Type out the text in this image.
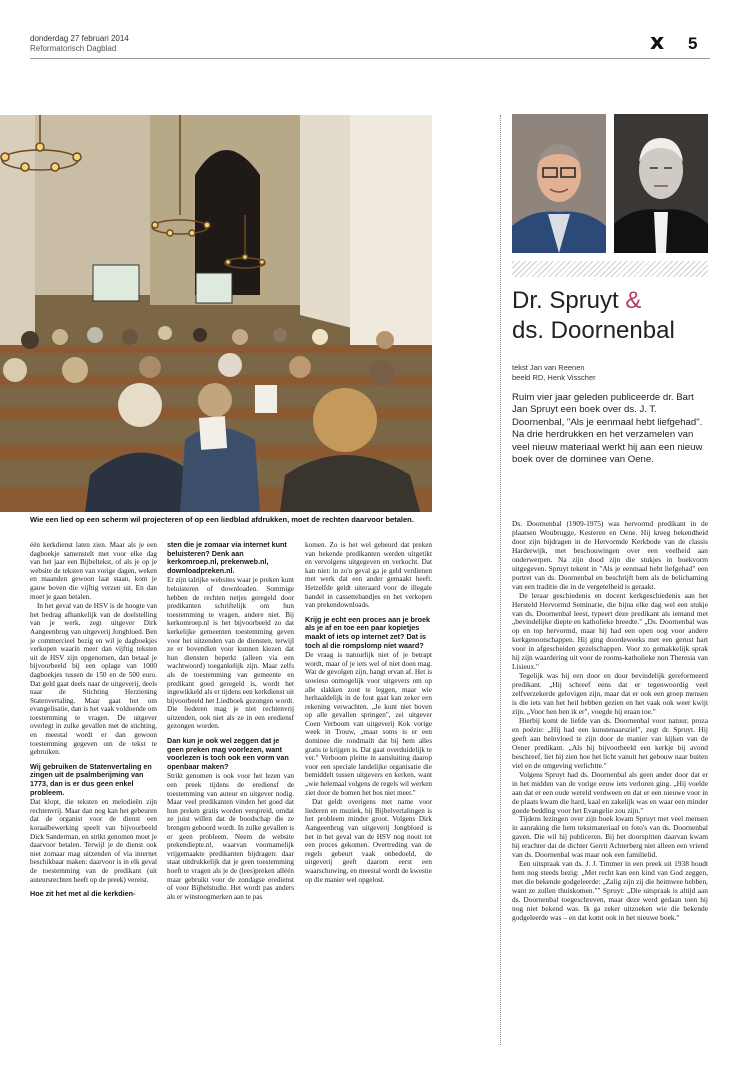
donderdag 27 februari 2014
Reformatorisch Dagblad	x 5
Wie een lied op een scherm wil projecteren of op een liedblad afdrukken, moet de rechten daarvoor betalen.

één kerkdienst laten zien. Maar als je een dagboekje samenstelt met voor elke dag van het jaar een Bijbeltekst, of als je op je website de teksten van vorige dagen, weken en maanden gewoon laat staan, kom je gauw boven die vijftig verzen uit. En dan moet je gaan betalen.

In het geval van de HSV is de hoogte van het bedrag afhankelijk van de doelstelling van je werk, zegt uitgever Dirk Aangeenbrug van uitgeverij Jongbloed. Ben je commercieel bezig en wil je dagboekjes verkopen waarin meer dan vijftig teksten uit de HSV zijn opgenomen, dan betaal je bijvoorbeeld bij een oplage van 1000 dagboekjes tussen de 150 en de 500 euro. Dat geld gaat deels naar de uitgeverij, deels naar de Stichting Herziening Statenvertaling. Maar gaat het om evangelisatie, dan is het vaak voldoende om toestemming te vragen. De uitgever overlegt in zulke gevallen met de stichting, en meestal wordt er dan gewoon toestemming gegeven om de tekst te gebruiken.

Wij gebruiken de Statenvertaling en zingen uit de psalmberijming van 1773, dan is er dus geen enkel probleem.

Dat klopt, die teksten en melodieën zijn rechtenvrij. Maar dan nog kan het gebeuren dat de organist voor de dienst een koraalbewerking speelt van bijvoorbeeld Dick Sanderman, en strikt genomen moet je daarvoor betalen. Terwijl je de dienst ook niet zomaar mag uitzenden of via internet beschikbaar maken: daarvoor is in elk geval de toestemming van de predikant (uit auteursrechten heeft op de preek) vereist.

Hoe zit het met al die kerkdien-

sten die je zomaar via internet kunt beluisteren? Denk aan kerkomroep.nl, prekenweb.nl, downloadpreken.nl.

Er zijn talrijke websites waar je preken kunt beluisteren of downloaden. Sommige hebben de rechten netjes geregeld door predikanten schriftelijk om hun toestemming te vragen, andere niet. Bij kerkomroep.nl is het bijvoorbeeld zo dat kerkelijke gemeenten toestemming geven voor het uitzenden van de diensten, terwijl ze er bovendien voor kunnen kiezen dat hun diensten beperkt (alleen via een wachtwoord) toegankelijk zijn. Maar zelfs als de toestemming van gemeente en predikant goed geregeld is, wordt het ingewikkeld als er tijdens een kerkdienst uit bijvoorbeeld het Liedboek gezongen wordt. Die liederen mag je niet rechtenvrij uitzenden, ook niet als ze in een erediensf gezongen worden.

Dan kun je ook wel zeggen dat je geen preken mag voorlezen, want voorlezen is toch ook een vorm van openbaar maken?

Strikt genomen is ook voor het lezen van een preek tijdens de erediensf de toestemming van auteur en uitgever nodig. Maar veel predikanten vinden het goed dat hun preken gratis worden verspreid, omdat ze juist willen dat de boodschap die ze brengen gehoord wordt. In zulke gevallen is er geen probleem. Neem de website prekendiepte.nl, waarvan voornamelijk vrijgemaakte predikanten bijdragen: daar staat uitdrukkelijk dat je geen toestemming hoeft te vragen als je de (lees)preken alléén maar gebruikt voor de zondagse eredienst of voor Bijbelstudie. Het wordt pas anders als er winstoogmerken aan te pas

komen. Zo is het wel gebeurd dat preken van bekende predikanten werden uitgetikt en vervolgens uitgegeven en verkocht. Dat kan niet: in zo'n geval ga je geld verdienen met werk dat een ander gemaakt heeft. Hetzelfde geldt uiteraard voor de illegale handel in cassettebandjes en het verkopen van prekendownloads.

Krijg je echt een proces aan je broek als je af en toe een paar kopietjes maakt of iets op internet zet? Dat is toch al die rompslomp niet waard?

De vraag is natuurlijk niet of je betrapt wordt, maar of je iets wel of niet doen mag. Wat de gevolgen zijn, hangt ervan af. Het is sowieso onmogelijk voor uitgevers om op alle slakken zout te leggen, maar wie herhaaldelijk in de fout gaat kan zeker een rekening verwachten. „Je kunt niet boven op alle gevallen springen", zei uitgever Coen Verboom van uitgeverij Kok vorige week in Trouw, „maar soms is er een dominee die rondmailt dat bij hem alles gratis te krijgen is. Dat gaat overduidelijk te ver." Verboom pleitte in aansluiting daarop voor een speciale landelijke organisatie die bemiddelt tussen uitgevers en kerken, want „wie helemaal volgens de regels wil werken ziet door de bomen het bos niet meer."

Dat geldt overigens met name voor liederen en muziek, bij Bijbelvertalingen is het probleem minder groot. Volgens Dirk Aangeenbrug van uitgeverij Jongbloed is het in het geval van de HSV nog nooit tot een proces gekomen. Overtreding van de regels gebeurt vaak onbedoeld, de uitgeverij geeft daarom eerst een waarschuwing, en meestal wordt de kwestie op die manier wel opgelost.

Dr. Spruyt &
ds. Doornenbal
tekst Jan van Reenen
beeld RD, Henk Visscher
Ruim vier jaar geleden publiceerde dr. Bart Jan Spruyt een boek over ds. J. T. Doornenbal, "Als je eenmaal hebt liefgehad". Na drie herdrukken en het verzamelen van veel nieuw materiaal werkt hij aan een nieuw boek over de dominee van Oene.

Ds. Doornenbal (1909-1975) was hervormd predikant in de plaatsen Woubrugge, Kesteren en Oene. Hij kreeg bekendheid door zijn bijdragen in de Hervormde Kerkbode van de classis Harderwijk, met beschouwingen over een veelheid aan onderwerpen. Na zijn dood zijn die stukjes in boekvorm uitgegeven. Spruyt tekent in "Als je eenmaal hebt liefgehad" een portret van ds. Doornenbal en beschrijft hem als de belichaming van een traditie die in de vergetelheid is geraakt.

De leraar geschiedenis en docent kerkgeschiedenis aan het Hersteld Hervormd Seminarie, die bijna elke dag wel een stukje van ds. Doornenbal leest, typeert deze predikant als iemand met „bevindelijke diepte en katholieke breedte." „Ds. Doornenbal was op en top hervormd, maar hij had een open oog voor andere kerkgenootschappen. Hij ging doordeweeks met een gerust hart voor in afgescheiden gezelschappen. Voor zo gemakkelijk sprak hij zijn waardering uit voor de rooms-katholieke non Theresia van Lisieux."

Tegelijk was hij een door en door bevindelijk gereformeerd predikant. „Hij schreef eens dat er tegenwoordig veel zelfverzekerde gelovigen zijn, maar dat er ook een groep mensen is die iets van het heil hebben gezien en het vaak ook weer kwijt zijn. „Voor hen ben ik er", voegde hij eraan toe."

Hierbij komt de liefde van ds. Doornenbal voor natuur, proza en poëzie: „Hij had een kunstenaarsziel", zegt dr. Spruyt. Hij geeft aan beïnvloed te zijn door de manier van kijken van de Oener predikant. „Als hij bijvoorbeeld een kerkje bij avond beschreef, liet hij zien hoe het licht vanuit het gebouw naar buiten viel en de omgeving verlichtte."

Volgens Spruyt had ds. Doornenbal als geen ander door dat er in het midden van de vorige eeuw iets verloren ging. „Hij voelde aan dat er een oude wereld verdween en dat er een nieuwe voor in de plaats kwam die hard, kaal en zakelijk was en waar een minder goede bedding voor het Evangelie zou zijn."

Tijdens lezingen over zijn boek kwam Spruyt met veel mensen in aanraking die hem tekstmateriaal en foto's van ds. Doornenbal gaven. Die wil hij publiceren. Bij het doorspitten daarvan kwam hij erachter dat de dichter Gerrit Achterberg niet alleen een vriend van ds. Doornenbal was maar ook een familielid.

Een uitspraak van ds. J. J. Timmer in een preek uit 1938 houdt hem nog steeds bezig: „Met recht kan een kind van God zeggen, met die bekende godgeleerde: „Zalig zijn zij die heimwee hebben, want ze zullen thuiskomen."" Spruyt: „Die uitspraak is altijd aan ds. Doornenbal toegeschreven, maar deze werd gedaan toen hij nog niet bekend was. Ik ga zeker uitzoeken wie die bekende godgeleerde was – en dat komt ook in het nieuwe boek."
